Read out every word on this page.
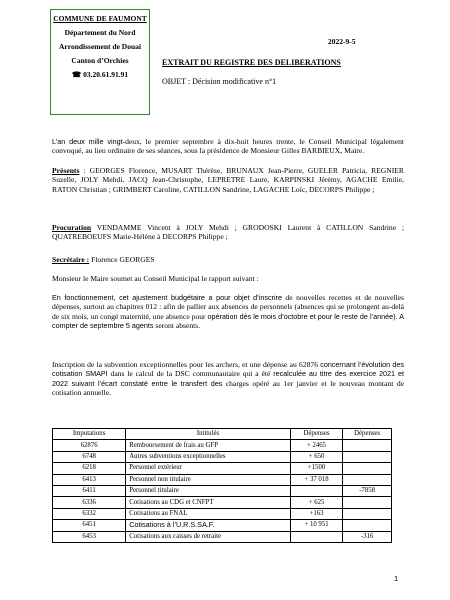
COMMUNE DE FAUMONT
Département du Nord
Arrondissement de Douai
Canton d’Orchies
☎ 03.20.61.91.91
2022-9-5
EXTRAIT DU REGISTRE DES DELIBERATIONS
OBJET : Décision modificative n°1
L’an deux mille vingt-deux, le premier septembre à dix-huit heures trente, le Conseil Municipal légalement convoqué, au lieu ordinaire de ses séances, sous la présidence de Monsieur Gilles BARBIEUX, Maire.
Présents : GEORGES Florence, MUSART Thérèse, BRUNAUX Jean-Pierre, GUELER Patricia, REGNIER Suzelle, JOLY Mehdi, JACQ Jean-Christophe, LEPRETRE Laure, KARPINSKI Jérémy, AGACHE Emilie, RATON Christian ; GRIMBERT Caroline, CATILLON Sandrine, LAGACHE Loïc, DECORPS Philippe ;
Procuration VENDAMME Vincent à JOLY Mehdi ; GRODOSKI Laurent à CATILLON Sandrine ; QUATREBOEUFS Marie-Hélène à DECORPS Philippe ;
Secrétaire : Florence GEORGES
Monsieur le Maire soumet au Conseil Municipal le rapport suivant :
En fonctionnement, cet ajustement budgétaire a pour objet d’inscrire de nouvelles recettes et de nouvelles dépenses, surtout au chapitres 012 : afin de pallier aux absences de personnels (absences qui se prolongent au-delà de six mois, un congé maternité, une absence pour opération dès le mois d’octobre et pour le reste de l’année). A compter de septembre 5 agents seront absents.
Inscription de la subvention exceptionnelles pour les archers, et une dépense au 62876 concernant l’évolution des cotisation SMAPI dans le calcul de la DSC communautaire qui a été recalculée au titre des exercice 2021 et 2022 suivant l’écart constaté entre le transfert des charges opéré au 1er janvier et le nouveau montant de cotisation annuelle.
Imputations	Intitulés	Dépenses	Dépenses
62876	Remboursement de frais au GFP	+ 2465	
6748	Autres subventions exceptionnelles	+ 650	
6218	Personnel extérieur	+1500	
6413	Personnel non titulaire	+ 37 018	
6411	Personnel titulaire		-7858
6336	Cotisations au CDG et CNFPT	+ 625	
6332	Cotisations au FNAL	+163	
6451	Cotisations à l’U.R.S.SA.F.	+ 10 951	
6453	Cotisations aux caisses de retraite		-316
1
